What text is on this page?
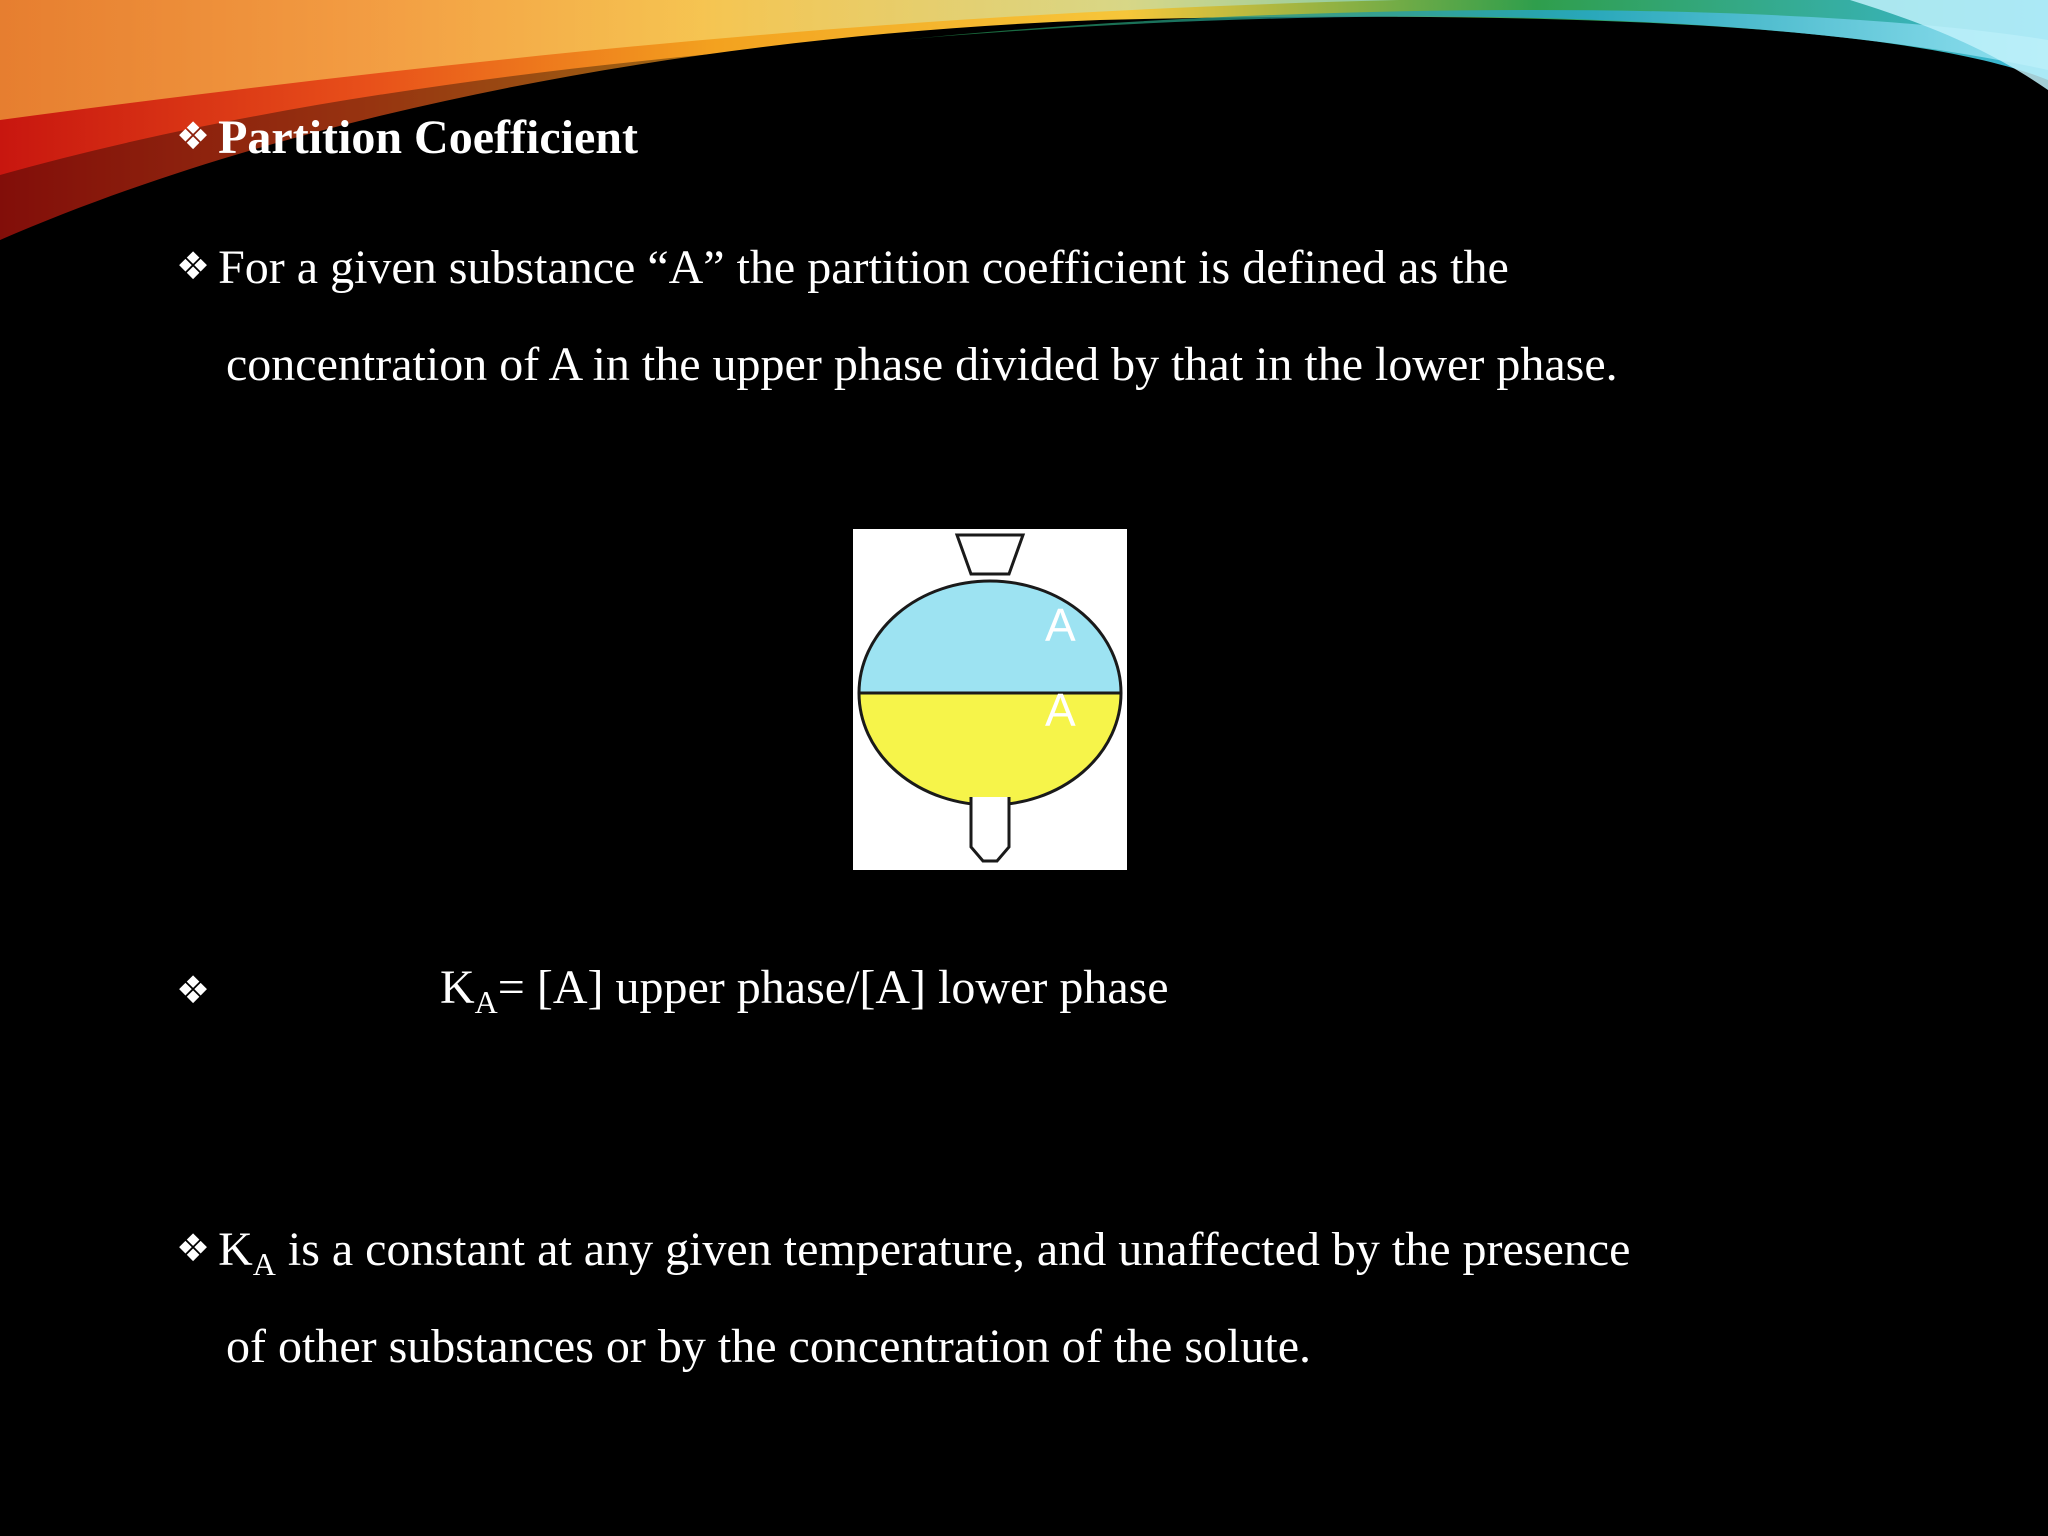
❖ Partition Coefficient
❖ For a given substance “A” the partition coefficient is defined as the
concentration of A in the upper phase divided by that in the lower phase.
A
A
❖	$K_A= [A]$ upper phase/[A] lower phase
❖ $K_A$ is a constant at any given temperature, and unaffected by the presence
of other substances or by the concentration of the solute.
